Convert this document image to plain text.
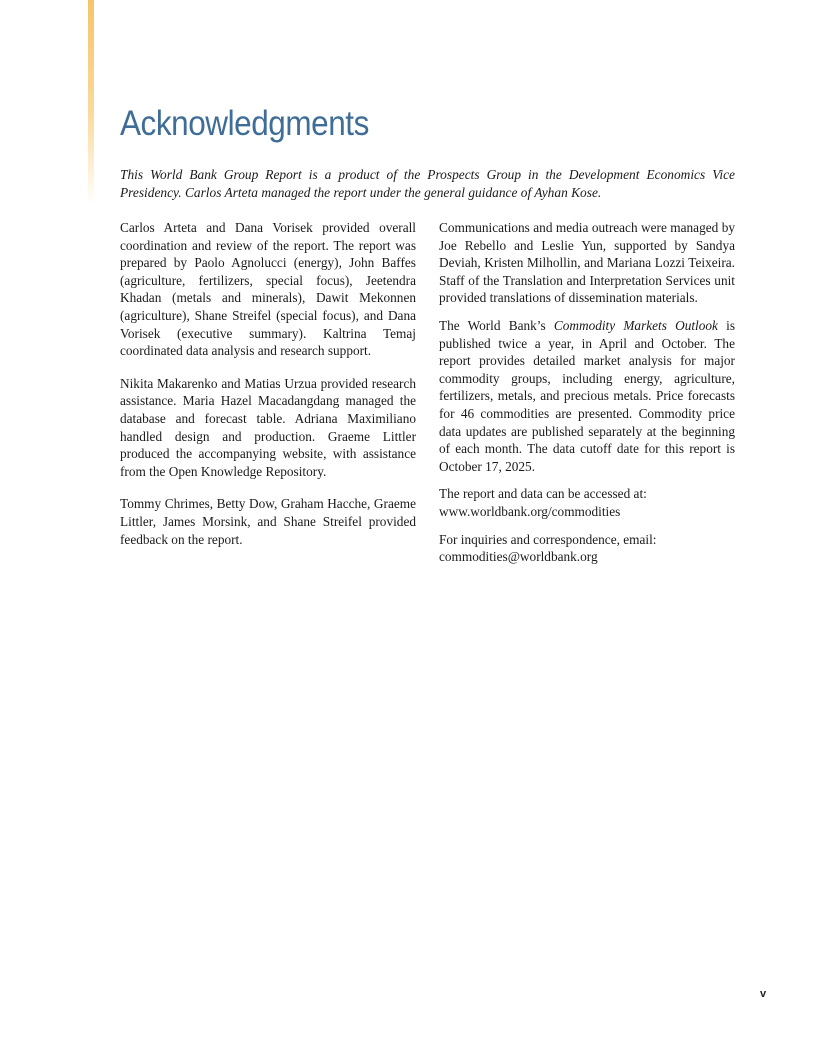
Acknowledgments

This World Bank Group Report is a product of the Prospects Group in the Development Economics Vice Presidency. Carlos Arteta managed the report under the general guidance of Ayhan Kose.

Carlos Arteta and Dana Vorisek provided overall coordination and review of the report. The report was prepared by Paolo Agnolucci (energy), John Baffes (agriculture, fertilizers, special focus), Jeetendra Khadan (metals and minerals), Dawit Mekonnen (agriculture), Shane Streifel (special focus), and Dana Vorisek (executive summary). Kaltrina Temaj coordinated data analysis and research support.

Nikita Makarenko and Matias Urzua provided research assistance. Maria Hazel Macadangdang managed the database and forecast table. Adriana Maximiliano handled design and production. Graeme Littler produced the accompanying website, with assistance from the Open Knowledge Repository.

Tommy Chrimes, Betty Dow, Graham Hacche, Graeme Littler, James Morsink, and Shane Streifel provided feedback on the report.

Communications and media outreach were managed by Joe Rebello and Leslie Yun, supported by Sandya Deviah, Kristen Milhollin, and Mariana Lozzi Teixeira. Staff of the Translation and Interpretation Services unit provided translations of dissemination materials.

The World Bank’s Commodity Markets Outlook is published twice a year, in April and October. The report provides detailed market analysis for major commodity groups, including energy, agriculture, fertilizers, metals, and precious metals. Price forecasts for 46 commodities are presented. Commodity price data updates are published separately at the beginning of each month. The data cutoff date for this report is October 17, 2025.

The report and data can be accessed at:
www.worldbank.org/commodities

For inquiries and correspondence, email:
commodities@worldbank.org

v
